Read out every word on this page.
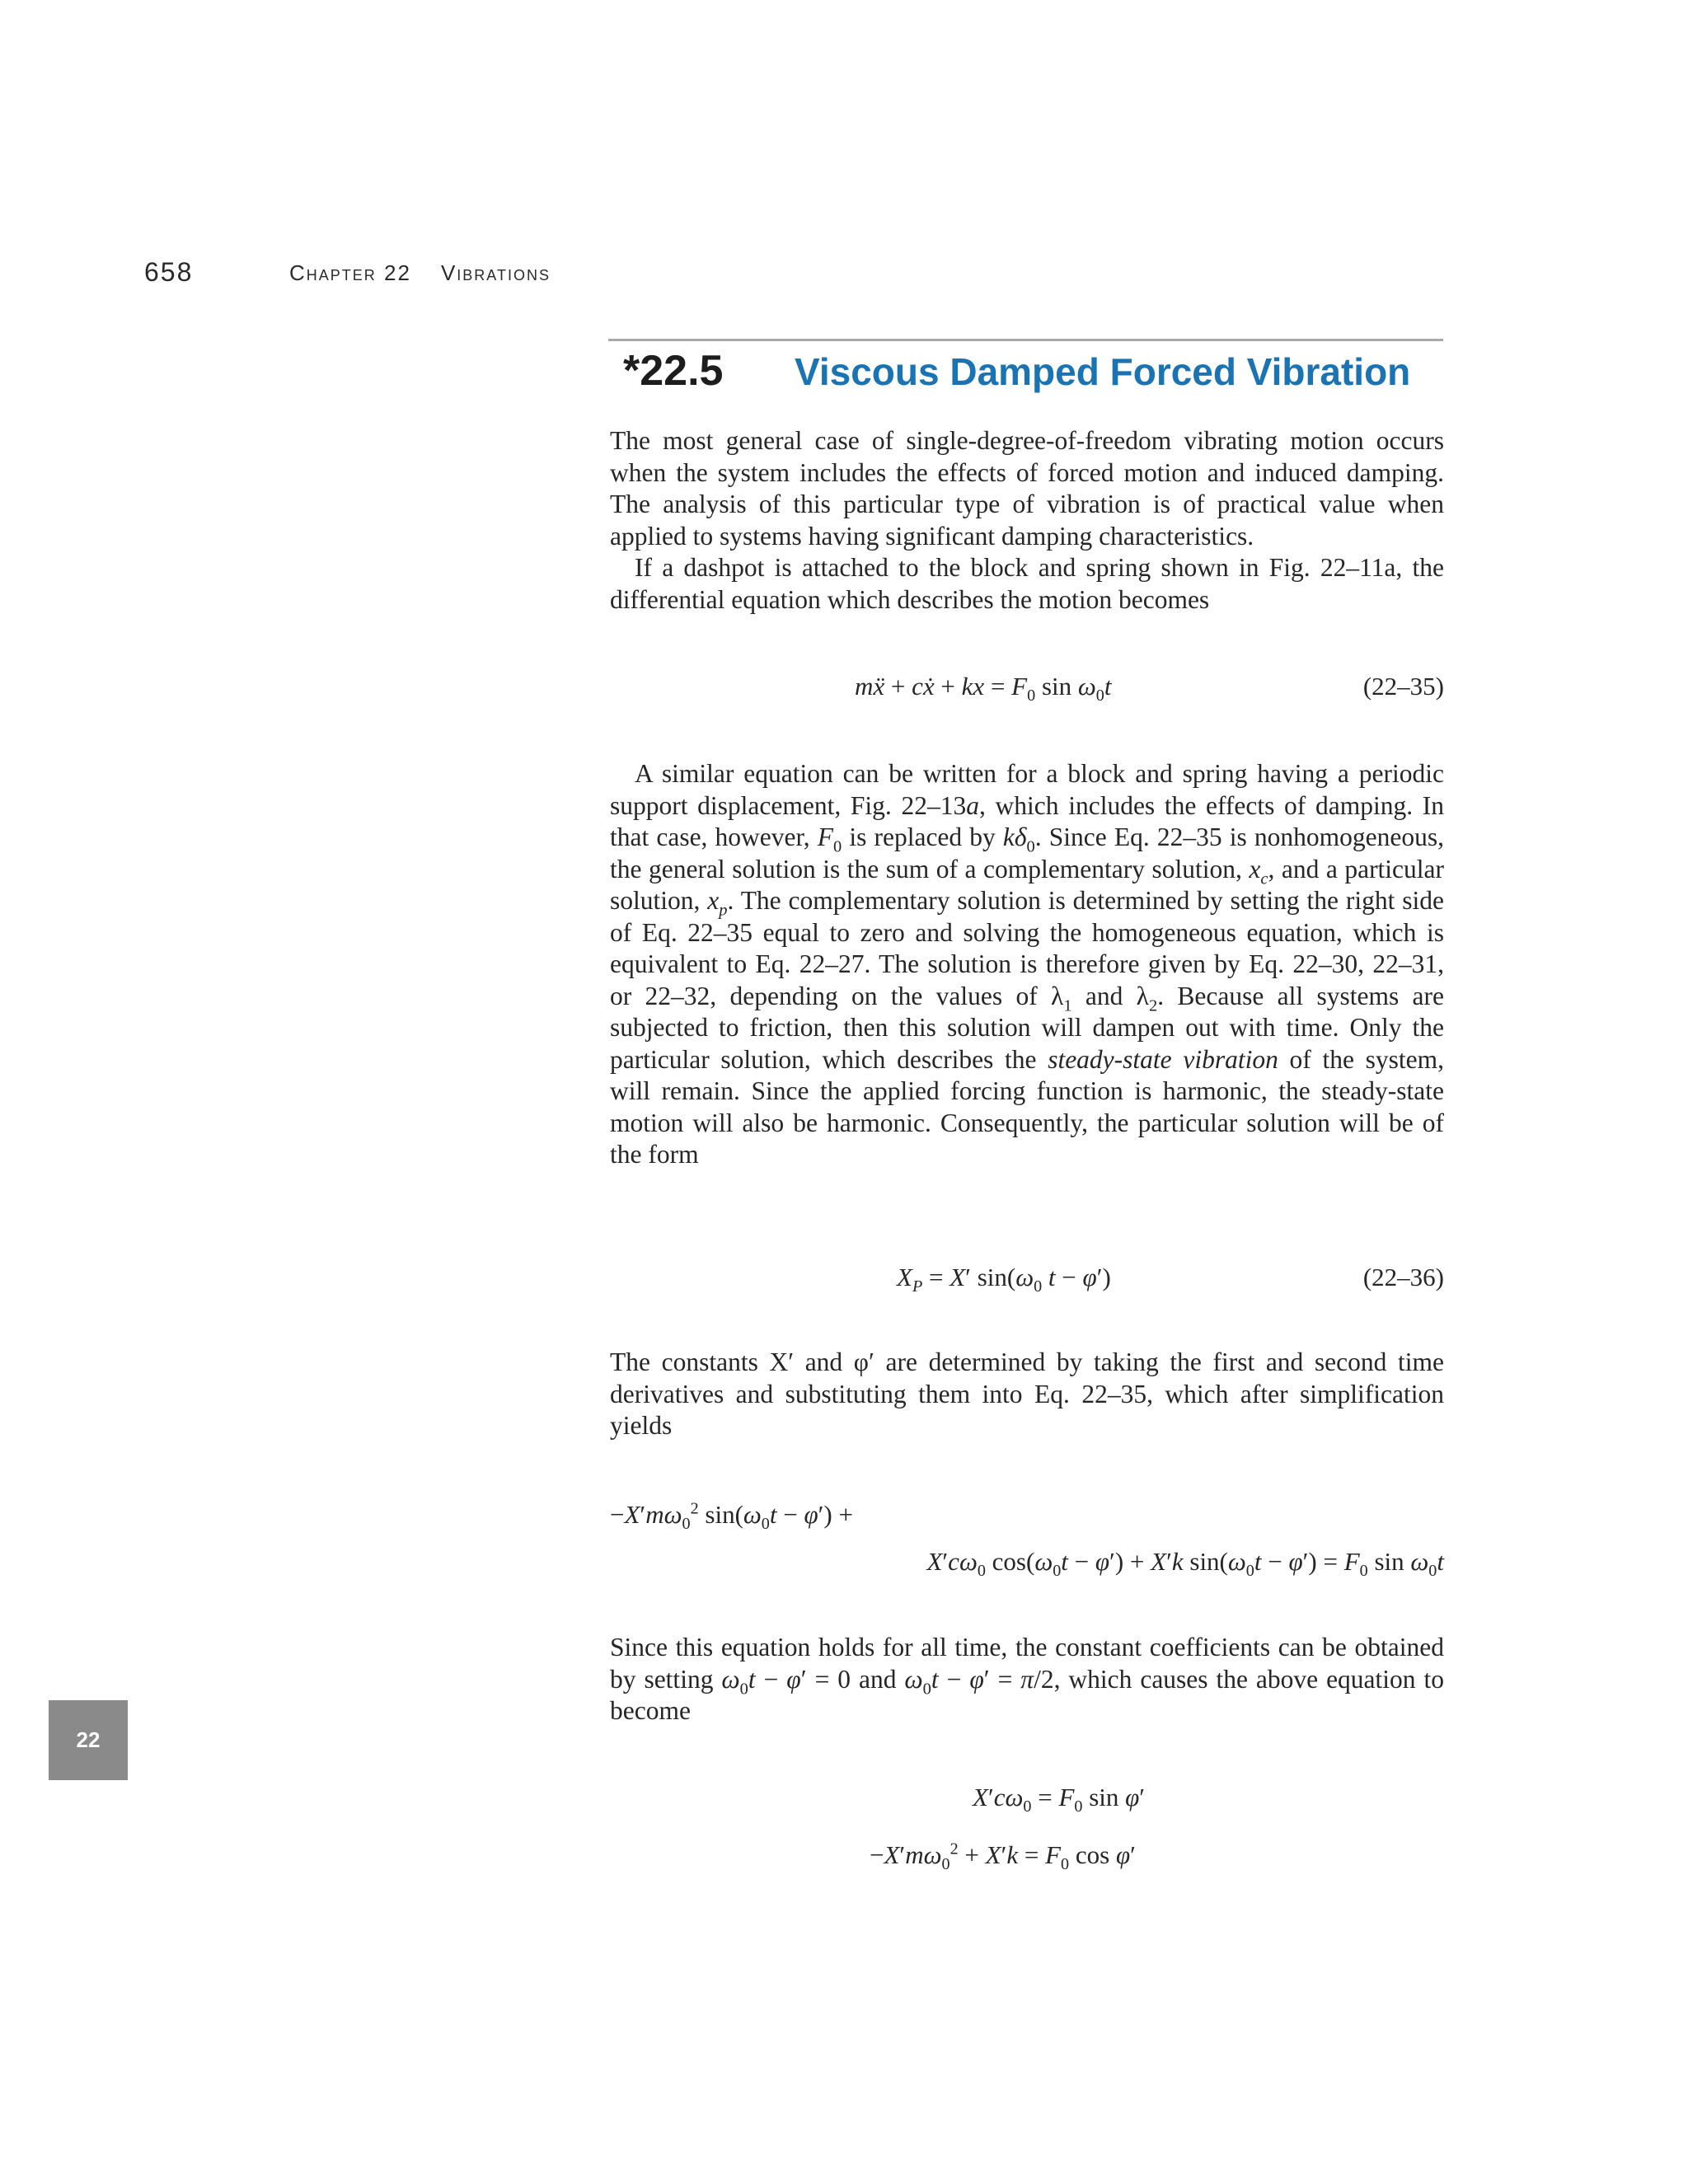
658	Chapter 22 Vibrations
*22.5 Viscous Damped Forced Vibration
The most general case of single-degree-of-freedom vibrating motion occurs when the system includes the effects of forced motion and induced damping. The analysis of this particular type of vibration is of practical value when applied to systems having significant damping characteristics.
If a dashpot is attached to the block and spring shown in Fig. 22–11a, the differential equation which describes the motion becomes
mẍ + cẋ + kx = $F_0$ $\sin \omega_0t$	(22–35)
A similar equation can be written for a block and spring having a periodic support displacement, Fig. 22–13a, which includes the effects of damping. In that case, however, $F_0$ is replaced by $k\delta_0$. Since Eq. 22–35 is nonhomogeneous, the general solution is the sum of a complementary solution, $x_c$, and a particular solution, $x_p$. The complementary solution is determined by setting the right side of Eq. 22–35 equal to zero and solving the homogeneous equation, which is equivalent to Eq. 22–27. The solution is therefore given by Eq. 22–30, 22–31, or 22–32, depending on the values of $\lambda_1$ and $\lambda_2$. Because all systems are subjected to friction, then this solution will dampen out with time. Only the particular solution, which describes the steady-state vibration of the system, will remain. Since the applied forcing function is harmonic, the steady-state motion will also be harmonic. Consequently, the particular solution will be of the form
$X_P = X'$ $\sin(\omega_0$ t − φ′)	(22–36)
The constants X′ and φ′ are determined by taking the first and second time derivatives and substituting them into Eq. 22–35, which after simplification yields
$-X'm\omega_0^2$ $\sin(\omega_0t - \varphi')$ +
$X'c\omega_0$ $\cos(\omega_0t - \varphi') + X'k$ $\sin(\omega_0t - \varphi') = F_0$ $\sin \omega_0t$
Since this equation holds for all time, the constant coefficients can be obtained by setting $\omega_0t - \varphi' = 0$ and $\omega_0t - \varphi' = \pi/2$, which causes the above equation to become
$X'c\omega_0 = F_0$ sin φ′
$-X'm\omega_0^2 + X'k = F_0$ cos φ′
22
